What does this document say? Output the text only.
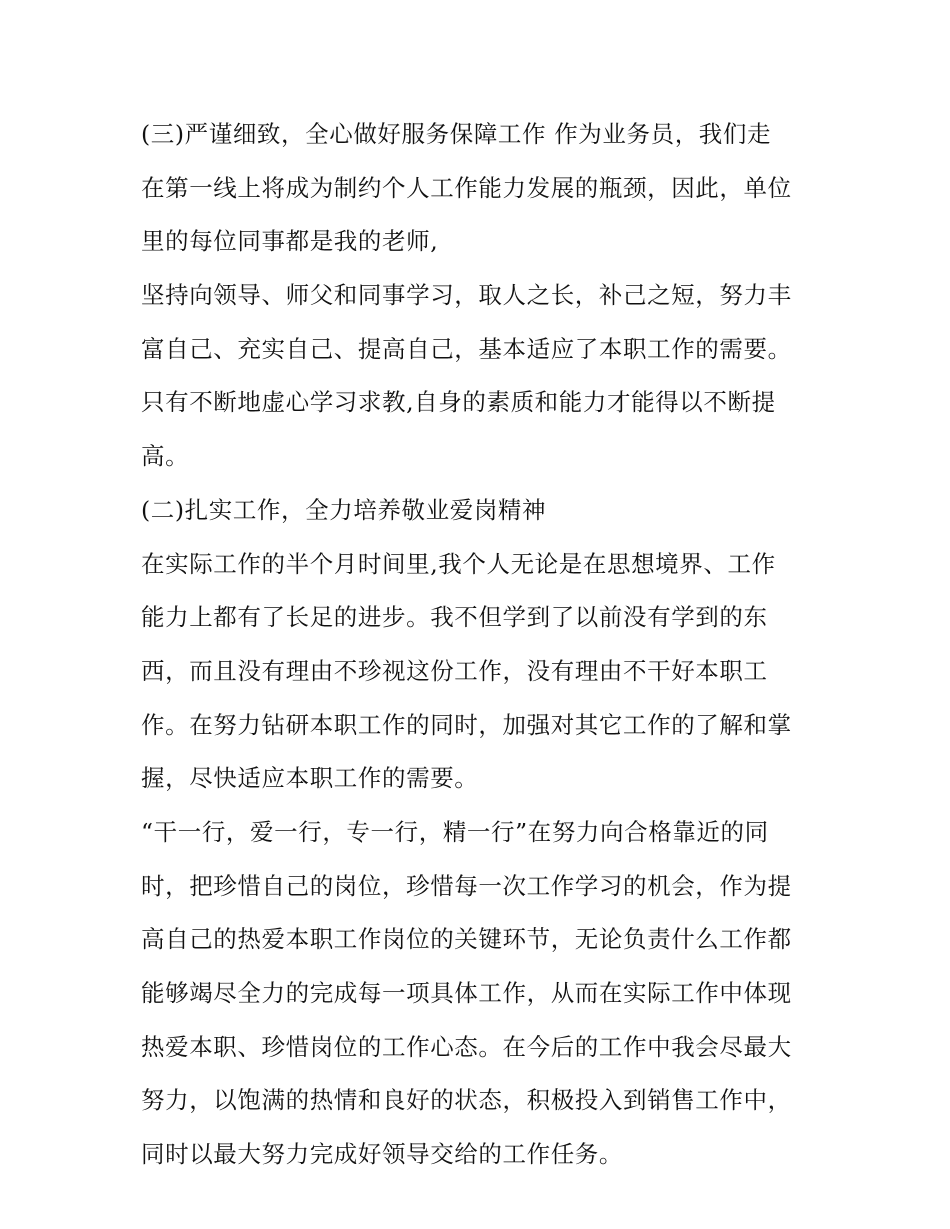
(三)严谨细致，全心做好服务保障工作 作为业务员，我们走
在第一线上将成为制约个人工作能力发展的瓶颈，因此，单位
里的每位同事都是我的老师,
坚持向领导、师父和同事学习，取人之长，补己之短，努力丰
富自己、充实自己、提高自己，基本适应了本职工作的需要。
只有不断地虚心学习求教,自身的素质和能力才能得以不断提
高。
(二)扎实工作，全力培养敬业爱岗精神
在实际工作的半个月时间里,我个人无论是在思想境界、工作
能力上都有了长足的进步。我不但学到了以前没有学到的东
西，而且没有理由不珍视这份工作，没有理由不干好本职工
作。在努力钻研本职工作的同时，加强对其它工作的了解和掌
握，尽快适应本职工作的需要。
“干一行，爱一行，专一行，精一行”在努力向合格靠近的同
时，把珍惜自己的岗位，珍惜每一次工作学习的机会，作为提
高自己的热爱本职工作岗位的关键环节，无论负责什么工作都
能够竭尽全力的完成每一项具体工作，从而在实际工作中体现
热爱本职、珍惜岗位的工作心态。在今后的工作中我会尽最大
努力，以饱满的热情和良好的状态，积极投入到销售工作中，
同时以最大努力完成好领导交给的工作任务。
